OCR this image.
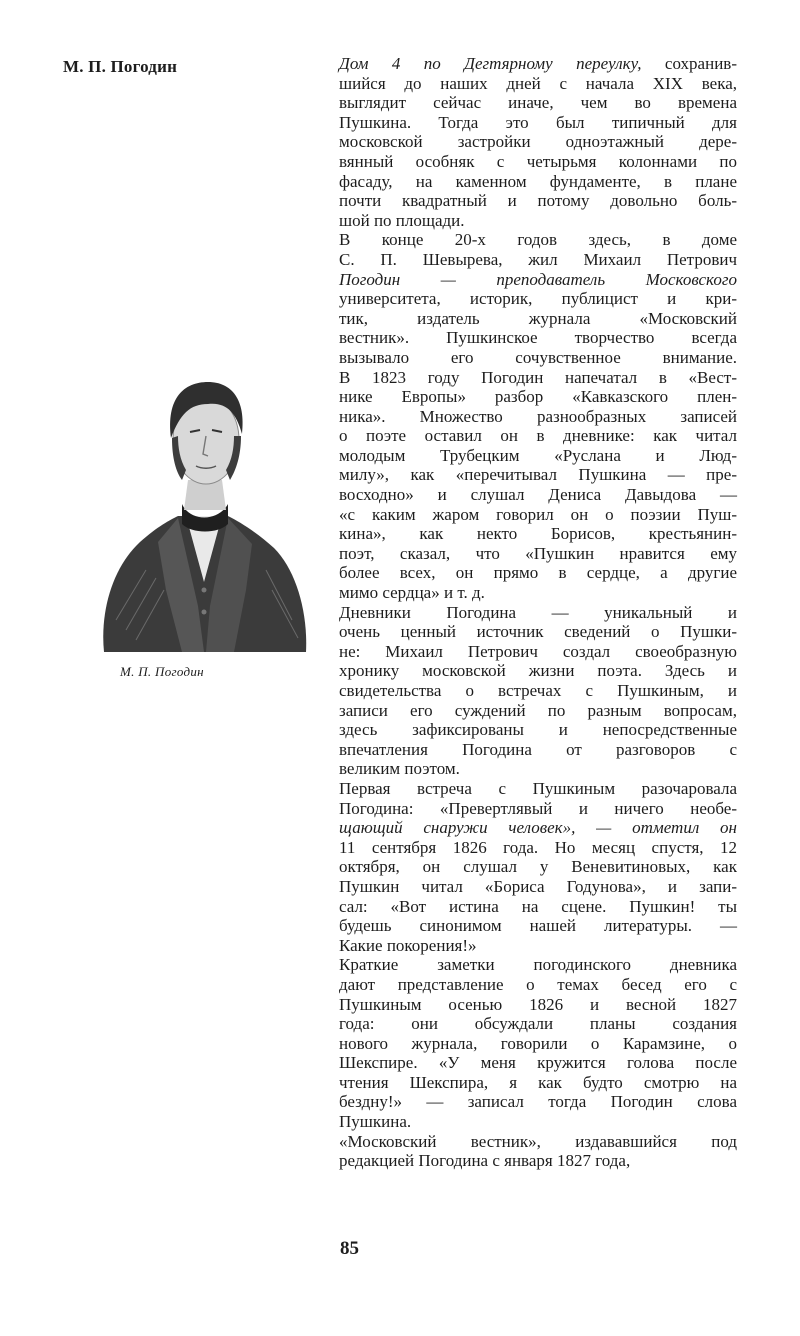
М. П. Погодин
М. П. Погодин
Дом 4 по Дегтярному переулку, сохранив-
шийся до наших дней с начала XIX века,
выглядит сейчас иначе, чем во времена
Пушкина. Тогда это был типичный для
московской застройки одноэтажный дере-
вянный особняк с четырьмя колоннами по
фасаду, на каменном фундаменте, в плане
почти квадратный и потому довольно боль-
шой по площади.
В конце 20-х годов здесь, в доме
С. П. Шевырева, жил Михаил Петрович
Погодин — преподаватель Московского
университета, историк, публицист и кри-
тик, издатель журнала «Московский
вестник». Пушкинское творчество всегда
вызывало его сочувственное внимание.
В 1823 году Погодин напечатал в «Вест-
нике Европы» разбор «Кавказского плен-
ника». Множество разнообразных записей
о поэте оставил он в дневнике: как читал
молодым Трубецким «Руслана и Люд-
милу», как «перечитывал Пушкина — пре-
восходно» и слушал Дениса Давыдова —
«с каким жаром говорил он о поэзии Пуш-
кина», как некто Борисов, крестьянин-
поэт, сказал, что «Пушкин нравится ему
более всех, он прямо в сердце, а другие
мимо сердца» и т. д.
Дневники Погодина — уникальный и
очень ценный источник сведений о Пушки-
не: Михаил Петрович создал своеобразную
хронику московской жизни поэта. Здесь и
свидетельства о встречах с Пушкиным, и
записи его суждений по разным вопросам,
здесь зафиксированы и непосредственные
впечатления Погодина от разговоров с
великим поэтом.
Первая встреча с Пушкиным разочаровала
Погодина: «Превертлявый и ничего необе-
щающий снаружи человек», — отметил он
11 сентября 1826 года. Но месяц спустя, 12
октября, он слушал у Веневитиновых, как
Пушкин читал «Бориса Годунова», и запи-
сал: «Вот истина на сцене. Пушкин! ты
будешь синонимом нашей литературы. —
Какие покорения!»
Краткие заметки погодинского дневника
дают представление о темах бесед его с
Пушкиным осенью 1826 и весной 1827
года: они обсуждали планы создания
нового журнала, говорили о Карамзине, о
Шекспире. «У меня кружится голова после
чтения Шекспира, я как будто смотрю на
бездну!» — записал тогда Погодин слова
Пушкина.
«Московский вестник», издававшийся под
редакцией Погодина с января 1827 года,
85
